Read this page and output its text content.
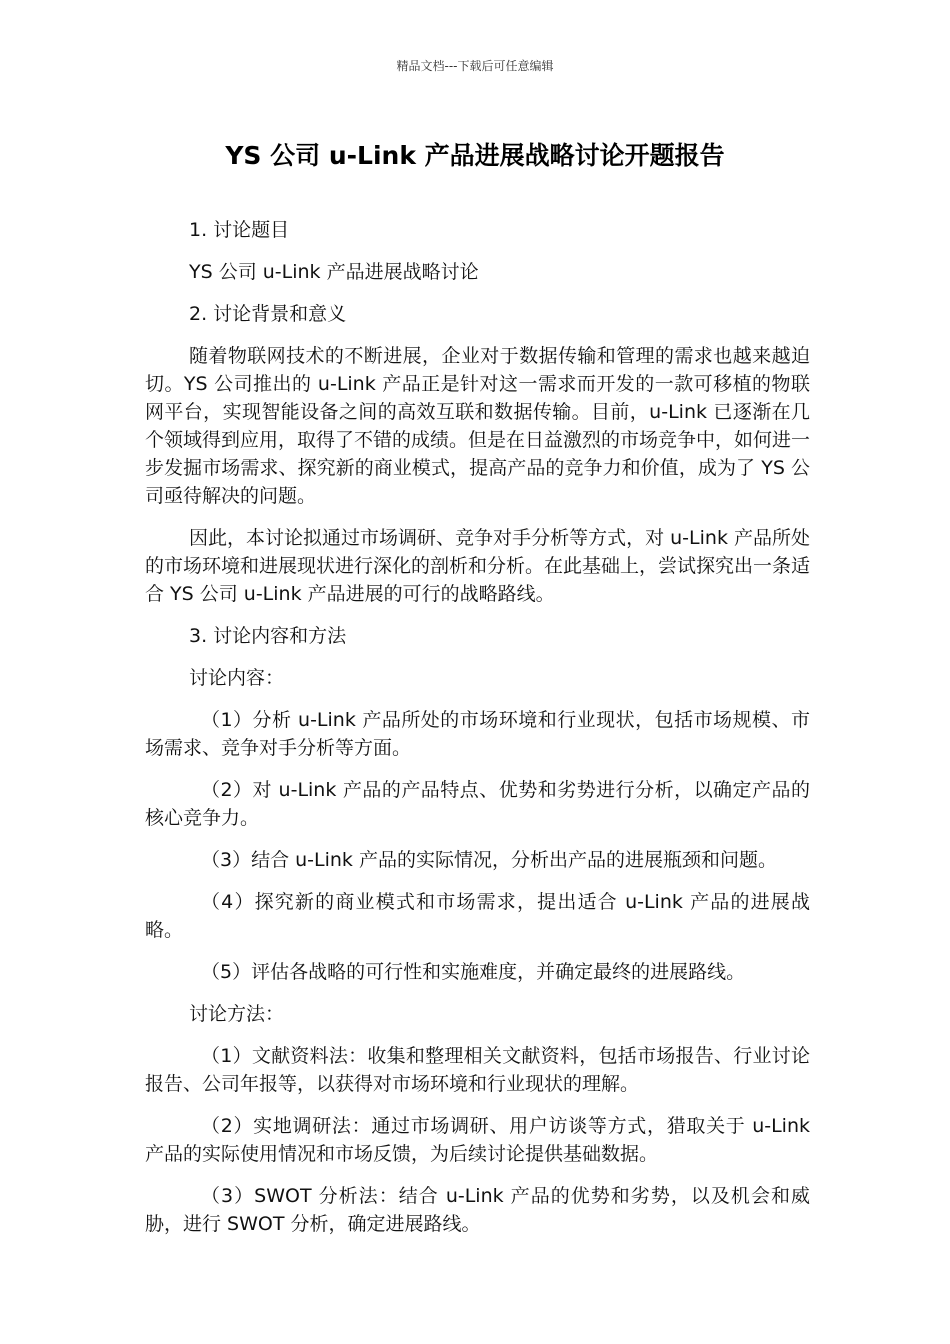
精品文档---下载后可任意编辑
YS 公司 u-Link 产品进展战略讨论开题报告

1. 讨论题目

YS 公司 u-Link 产品进展战略讨论

2. 讨论背景和意义

随着物联网技术的不断进展，企业对于数据传输和管理的需求也越来越迫切。YS 公司推出的 u-Link 产品正是针对这一需求而开发的一款可移植的物联网平台，实现智能设备之间的高效互联和数据传输。目前，u-Link 已逐渐在几个领域得到应用，取得了不错的成绩。但是在日益激烈的市场竞争中，如何进一步发掘市场需求、探究新的商业模式，提高产品的竞争力和价值，成为了 YS 公司亟待解决的问题。

因此，本讨论拟通过市场调研、竞争对手分析等方式，对 u-Link 产品所处的市场环境和进展现状进行深化的剖析和分析。在此基础上，尝试探究出一条适合 YS 公司 u-Link 产品进展的可行的战略路线。

3. 讨论内容和方法

讨论内容：

（1）分析 u-Link 产品所处的市场环境和行业现状，包括市场规模、市场需求、竞争对手分析等方面。

（2）对 u-Link 产品的产品特点、优势和劣势进行分析，以确定产品的核心竞争力。

（3）结合 u-Link 产品的实际情况，分析出产品的进展瓶颈和问题。

（4）探究新的商业模式和市场需求，提出适合 u-Link 产品的进展战略。

（5）评估各战略的可行性和实施难度，并确定最终的进展路线。

讨论方法：

（1）文献资料法：收集和整理相关文献资料，包括市场报告、行业讨论报告、公司年报等，以获得对市场环境和行业现状的理解。

（2）实地调研法：通过市场调研、用户访谈等方式，猎取关于 u-Link 产品的实际使用情况和市场反馈，为后续讨论提供基础数据。

（3）SWOT 分析法：结合 u-Link 产品的优势和劣势，以及机会和威胁，进行 SWOT 分析，确定进展路线。
